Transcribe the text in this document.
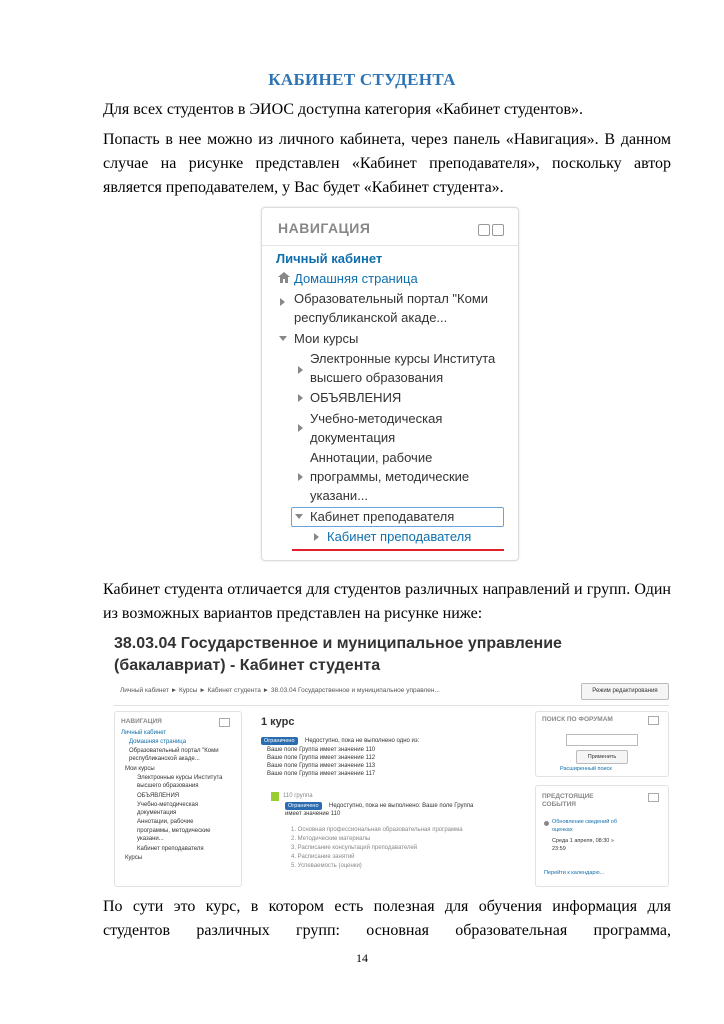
КАБИНЕТ СТУДЕНТА
Для всех студентов в ЭИОС доступна категория «Кабинет студентов».
Попасть в нее можно из личного кабинета, через панель «Навигация». В данном случае на рисунке представлен «Кабинет преподавателя», поскольку автор является преподавателем, у Вас будет «Кабинет студента».
НАВИГАЦИЯ
Личный кабинет
Домашняя страница
Образовательный портал "Коми
республиканской акаде...
Мои курсы
Электронные курсы Института
высшего образования
ОБЪЯВЛЕНИЯ
Учебно-методическая
документация
Аннотации, рабочие
программы, методические
указани...
Кабинет преподавателя
Кабинет преподавателя
Кабинет студента отличается для студентов различных направлений и групп. Один из возможных вариантов представлен на рисунке ниже:
38.03.04 Государственное и муниципальное управление (бакалавриат) - Кабинет студента
Личный кабинет ► Курсы ► Кабинет студента ► 38.03.04 Государственное и муниципальное управлен...	Режим редактирования
НАВИГАЦИЯ
Личный кабинет
Домашняя страница
Образовательный портал "Коми
республиканской акаде...
Мои курсы
Электронные курсы Института
высшего образования
ОБЪЯВЛЕНИЯ
Учебно-методическая
документация
Аннотации, рабочие
программы, методические
указани...
Кабинет преподавателя
Курсы
1 курс
Ограничено	Недоступно, пока не выполнено одно из:
Ваше поле Группа имеет значение 110
Ваше поле Группа имеет значение 112
Ваше поле Группа имеет значение 113
Ваше поле Группа имеет значение 117
110 группа
Ограничено	Недоступно, пока не выполнено: Ваше поле Группа
имеет значение 110
1. Основная профессиональная образовательная программа
2. Методические материалы
3. Расписание консультаций преподавателей
4. Расписание занятий
5. Успеваемость (оценки)
ПОИСК ПО ФОРУМАМ
Применить
Расширенный поиск
ПРЕДСТОЯЩИЕ
СОБЫТИЯ
Обновление сведений об
оценках
Среда 1 апреля, 08:30 »
23:59
Перейти к календарю...
По сути это курс, в котором есть полезная для обучения информация для
студентов различных групп: основная образовательная программа,
14
